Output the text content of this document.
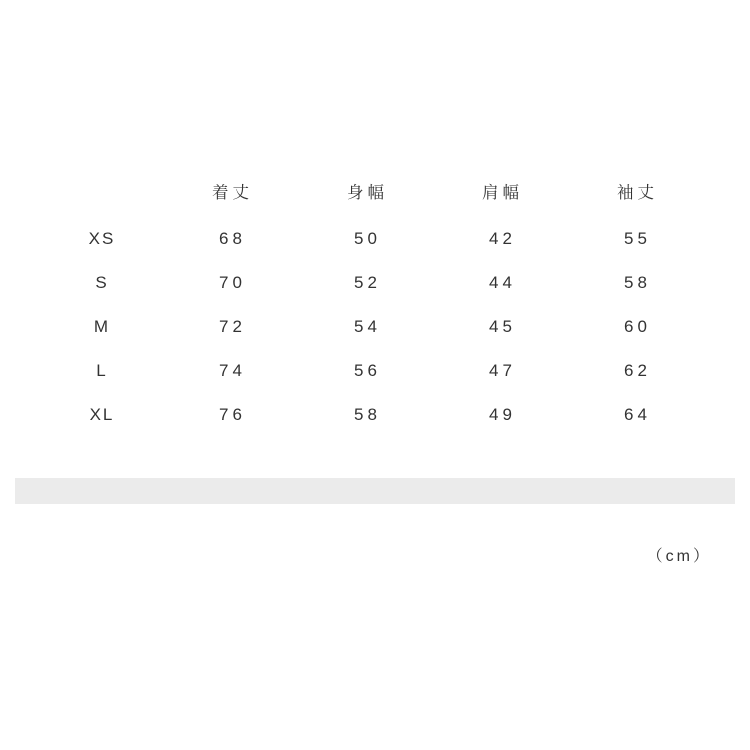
	着丈	身幅	肩幅	袖丈
XS	68	50	42	55
S	70	52	44	58
M	72	54	45	60
L	74	56	47	62
XL	76	58	49	64
（cm）
